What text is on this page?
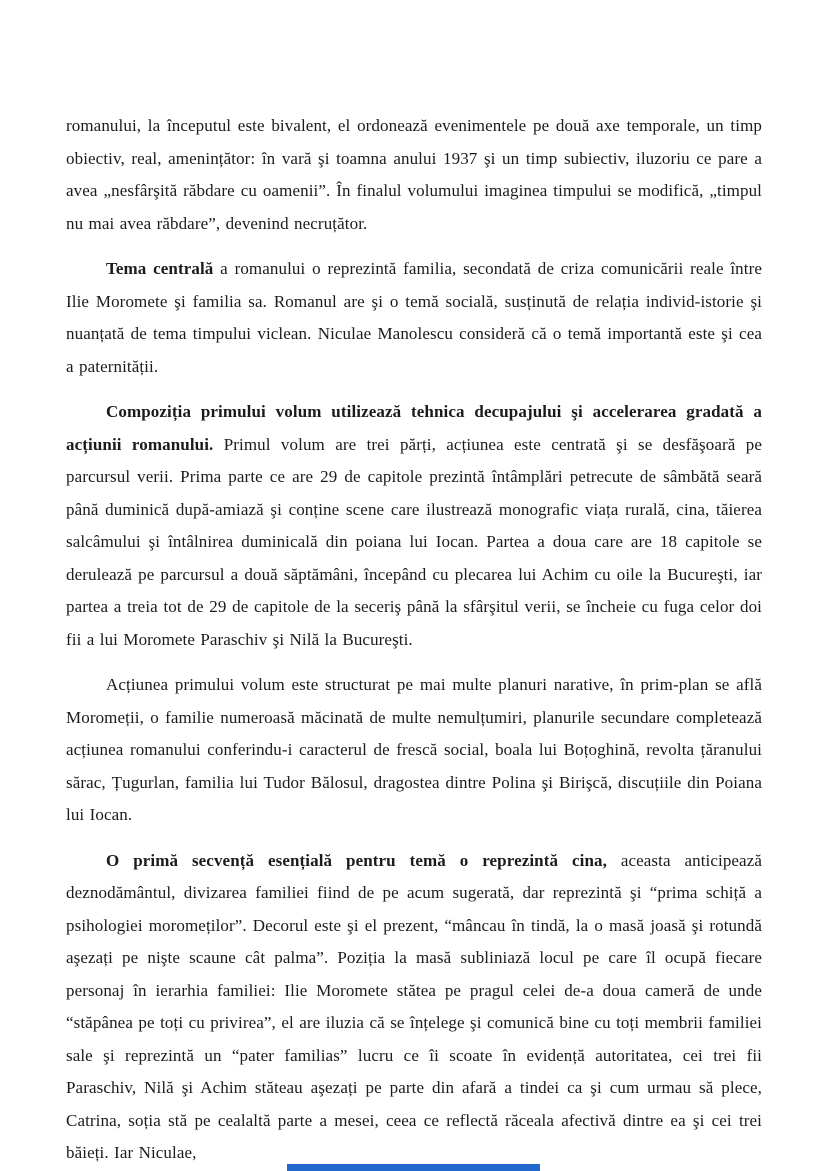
romanului, la începutul este bivalent, el ordonează evenimentele pe două axe temporale, un timp obiectiv, real, amenințător: în vară şi toamna anului 1937 şi un timp subiectiv, iluzoriu ce pare a avea „nesfârşită răbdare cu oamenii”. În finalul volumului imaginea timpului se modifică, „timpul nu mai avea răbdare”, devenind necruțător.

Tema centrală a romanului o reprezintă familia, secondată de criza comunicării reale între Ilie Moromete şi familia sa. Romanul are şi o temă socială, susținută de relația individ-istorie şi nuanțată de tema timpului viclean. Niculae Manolescu consideră că o temă importantă este şi cea a paternității.

Compoziția primului volum utilizează tehnica decupajului şi accelerarea gradată a acțiunii romanului. Primul volum are trei părți, acțiunea este centrată şi se desfăşoară pe parcursul verii. Prima parte ce are 29 de capitole prezintă întâmplări petrecute de sâmbătă seară până duminică după-amiază şi conține scene care ilustrează monografic viața rurală, cina, tăierea salcâmului şi întâlnirea duminicală din poiana lui Iocan. Partea a doua care are 18 capitole se derulează pe parcursul a două săptămâni, începând cu plecarea lui Achim cu oile la Bucureşti, iar partea a treia tot de 29 de capitole de la seceriş până la sfârşitul verii, se încheie cu fuga celor doi fii a lui Moromete Paraschiv şi Nilă la Bucureşti.

Acțiunea primului volum este structurat pe mai multe planuri narative, în prim-plan se află Moromeții, o familie numeroasă măcinată de multe nemulțumiri, planurile secundare completează acțiunea romanului conferindu-i caracterul de frescă social, boala lui Boțoghină, revolta țăranului sărac, Țugurlan, familia lui Tudor Bălosul, dragostea dintre Polina şi Birişcă, discuțiile din Poiana lui Iocan.

O primă secvență esențială pentru temă o reprezintă cina, aceasta anticipează deznodământul, divizarea familiei fiind de pe acum sugerată, dar reprezintă şi “prima schiță a psihologiei moromeților”. Decorul este şi el prezent, “mâncau în tindă, la o masă joasă şi rotundă aşezați pe nişte scaune cât palma”. Poziția la masă subliniază locul pe care îl ocupă fiecare personaj în ierarhia familiei: Ilie Moromete stătea pe pragul celei de-a doua cameră de unde “stăpânea pe toți cu privirea”, el are iluzia că se înțelege şi comunică bine cu toți membrii familiei sale şi reprezintă un “pater familias” lucru ce îi scoate în evidență autoritatea, cei trei fii Paraschiv, Nilă şi Achim stăteau aşezați pe parte din afară a tindei ca şi cum urmau să plece, Catrina, soția stă pe cealaltă parte a mesei, ceea ce reflectă răceala afectivă dintre ea şi cei trei băieți. Iar Niculae,
